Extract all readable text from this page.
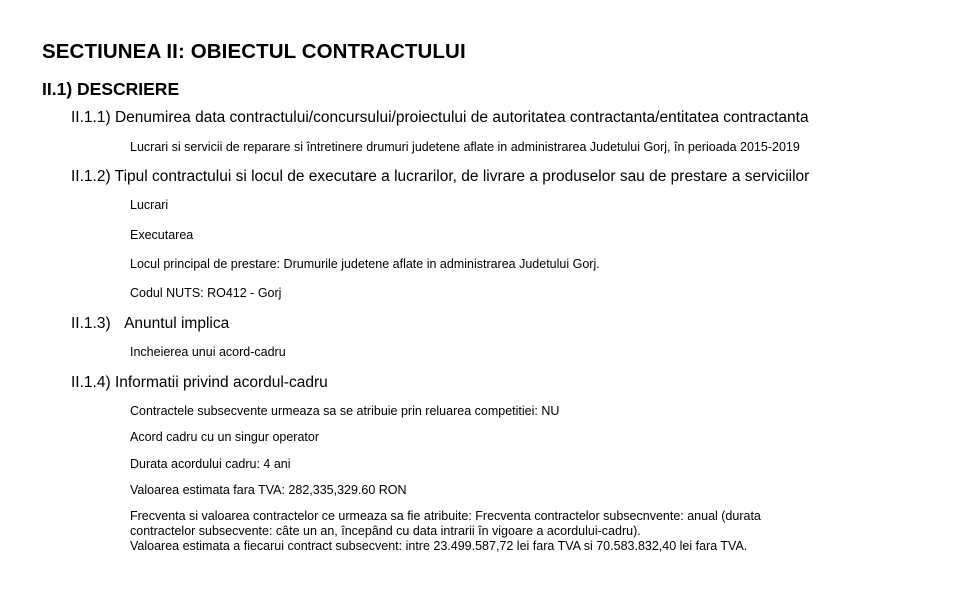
SECTIUNEA II: OBIECTUL CONTRACTULUI
II.1) DESCRIERE
II.1.1) Denumirea data contractului/concursului/proiectului de autoritatea contractanta/entitatea contractanta

Lucrari si servicii de reparare si întretinere drumuri judetene aflate in administrarea Judetului Gorj, în perioada 2015-2019

II.1.2) Tipul contractului si locul de executare a lucrarilor, de livrare a produselor sau de prestare a serviciilor

Lucrari

Executarea

Locul principal de prestare: Drumurile judetene aflate in administrarea Judetului Gorj.

Codul NUTS: RO412 - Gorj

II.1.3) Anuntul implica

Incheierea unui acord-cadru

II.1.4) Informatii privind acordul-cadru

Contractele subsecvente urmeaza sa se atribuie prin reluarea competitiei: NU

Acord cadru cu un singur operator

Durata acordului cadru: 4 ani

Valoarea estimata fara TVA: 282,335,329.60 RON

Frecventa si valoarea contractelor ce urmeaza sa fie atribuite: Frecventa contractelor subsecnvente: anual (durata
contractelor subsecvente: câte un an, începând cu data intrarii în vigoare a acordului-cadru).
Valoarea estimata a fiecarui contract subsecvent: intre 23.499.587,72 lei fara TVA si 70.583.832,40 lei fara TVA.
